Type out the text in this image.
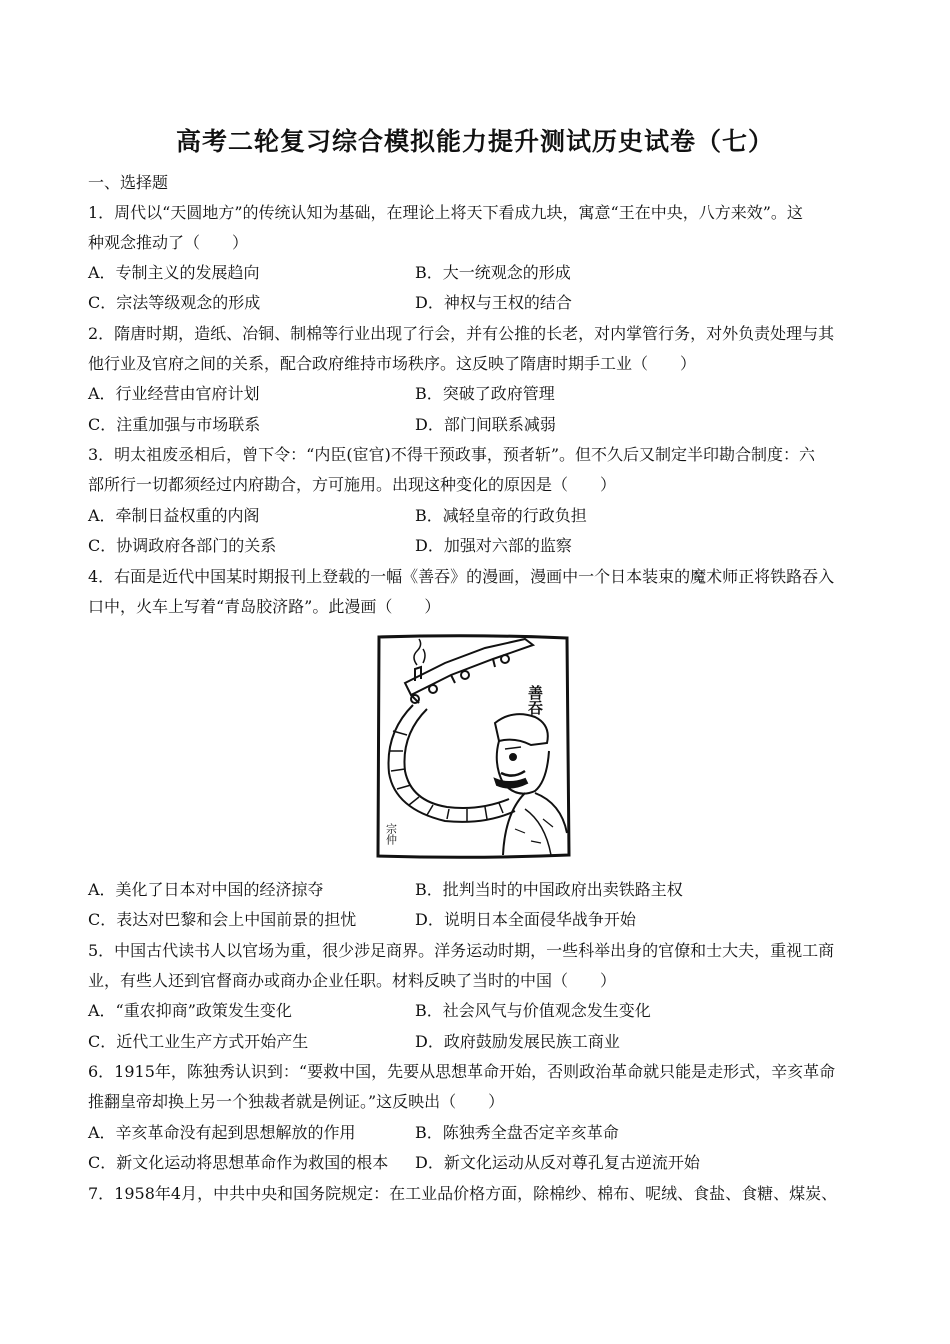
高考二轮复习综合模拟能力提升测试历史试卷（七）
一、选择题
1．周代以“天圆地方”的传统认知为基础，在理论上将天下看成九块，寓意“王在中央，八方来效”。这
种观念推动了（　　）
A．专制主义的发展趋向	B．大一统观念的形成
C．宗法等级观念的形成	D．神权与王权的结合
2．隋唐时期，造纸、冶铜、制棉等行业出现了行会，并有公推的长老，对内掌管行务，对外负责处理与其
他行业及官府之间的关系，配合政府维持市场秩序。这反映了隋唐时期手工业（　　）
A．行业经营由官府计划	B．突破了政府管理
C．注重加强与市场联系	D．部门间联系减弱
3．明太祖废丞相后，曾下令：“内臣(宦官)不得干预政事，预者斩”。但不久后又制定半印勘合制度：六
部所行一切都须经过内府勘合，方可施用。出现这种变化的原因是（　　）
A．牵制日益权重的内阁	B．减轻皇帝的行政负担
C．协调政府各部门的关系	D．加强对六部的监察
4．右面是近代中国某时期报刊上登载的一幅《善吞》的漫画，漫画中一个日本装束的魔术师正将铁路吞入
口中，火车上写着“青岛胶济路”。此漫画（　　）
善吞
宗仲
A．美化了日本对中国的经济掠夺	B．批判当时的中国政府出卖铁路主权
C．表达对巴黎和会上中国前景的担忧	D．说明日本全面侵华战争开始
5．中国古代读书人以官场为重，很少涉足商界。洋务运动时期，一些科举出身的官僚和士大夫，重视工商
业，有些人还到官督商办或商办企业任职。材料反映了当时的中国（　　）
A．“重农抑商”政策发生变化	B．社会风气与价值观念发生变化
C．近代工业生产方式开始产生	D．政府鼓励发展民族工商业
6．1915年，陈独秀认识到：“要救中国，先要从思想革命开始，否则政治革命就只能是走形式，辛亥革命
推翻皇帝却换上另一个独裁者就是例证。”这反映出（　　）
A．辛亥革命没有起到思想解放的作用	B．陈独秀全盘否定辛亥革命
C．新文化运动将思想革命作为救国的根本 D．新文化运动从反对尊孔复古逆流开始
7．1958年4月，中共中央和国务院规定：在工业品价格方面，除棉纱、棉布、呢绒、食盐、食糖、煤炭、
